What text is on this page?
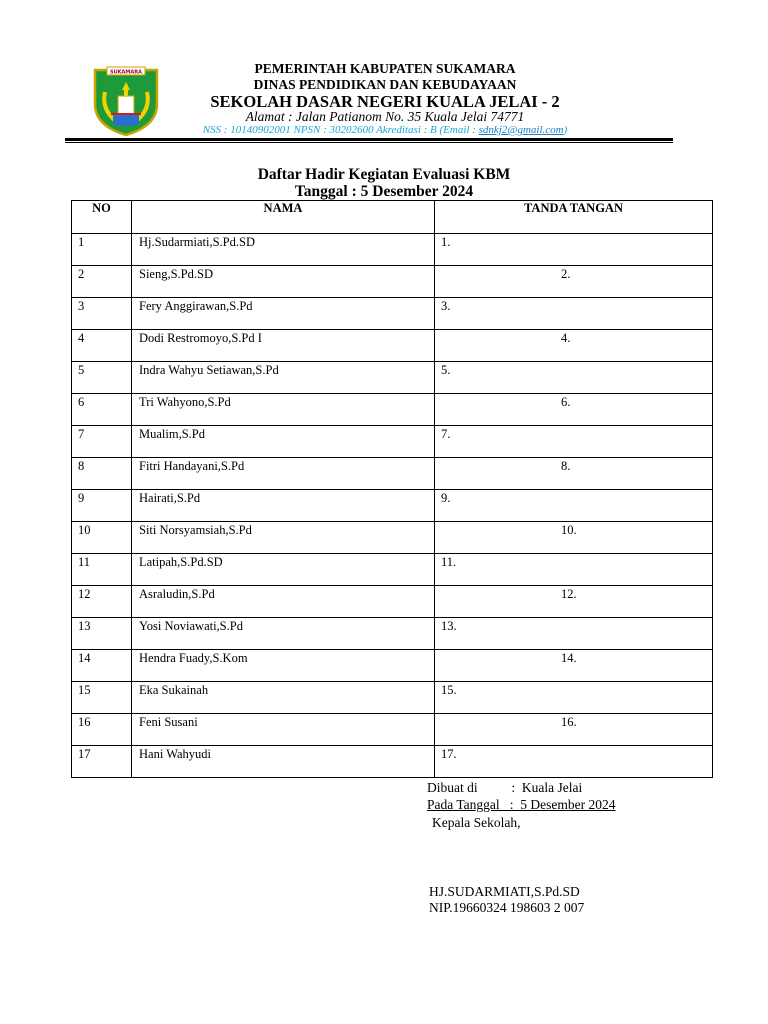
SUKAMARA	PEMERINTAH KABUPATEN SUKAMARA
DINAS PENDIDIKAN DAN KEBUDAYAAN
SEKOLAH DASAR NEGERI KUALA JELAI - 2
Alamat : Jalan Patianom No. 35 Kuala Jelai 74771
NSS : 10140902001 NPSN : 30202600 Akreditasi : B (Email : sdnkj2@gmail.com)
Daftar Hadir Kegiatan Evaluasi KBM
Tanggal : 5 Desember 2024
NO	NAMA	TANDA TANGAN

1	Hj.Sudarmiati,S.Pd.SD	1.

2	Sieng,S.Pd.SD	2.

3	Fery Anggirawan,S.Pd	3.

4	Dodi Restromoyo,S.Pd I	4.

5	Indra Wahyu Setiawan,S.Pd	5.

6	Tri Wahyono,S.Pd	6.

7	Mualim,S.Pd	7.

8	Fitri Handayani,S.Pd	8.

9	Hairati,S.Pd	9.

10	Siti Norsyamsiah,S.Pd	10.

11	Latipah,S.Pd.SD	11.

12	Asraludin,S.Pd	12.

13	Yosi Noviawati,S.Pd	13.

14	Hendra Fuady,S.Kom	14.

15	Eka Sukainah	15.

16	Feni Susani	16.

17	Hani Wahyudi	17.
Dibuat di          :  Kuala Jelai
Pada Tanggal   :  5 Desember 2024
Kepala Sekolah,
HJ.SUDARMIATI,S.Pd.SD
NIP.19660324 198603 2 007
